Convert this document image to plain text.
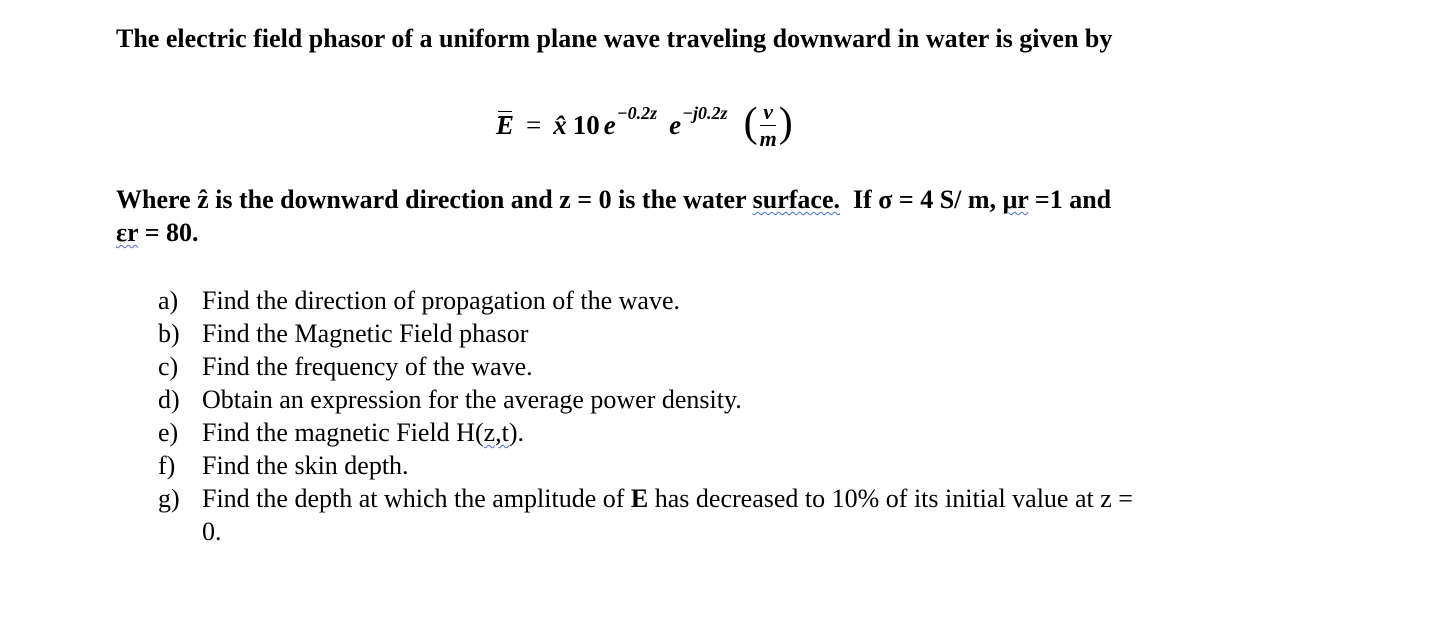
The electric field phasor of a uniform plane wave traveling downward in water is given by
E = x̂ 10 e −0.2z e −j0.2z ( $\frac{v}{m}$ )
Where ẑ is the downward direction and z = 0 is the water surface.  If σ = 4 S/ m, μr =1 and
εr = 80.
a) Find the direction of propagation of the wave.
b) Find the Magnetic Field phasor
c) Find the frequency of the wave.
d) Obtain an expression for the average power density.
e) Find the magnetic Field H(z,t).
f)	Find the skin depth.
g) Find the depth at which the amplitude of E has decreased to 10% of its initial value at z =
0.
